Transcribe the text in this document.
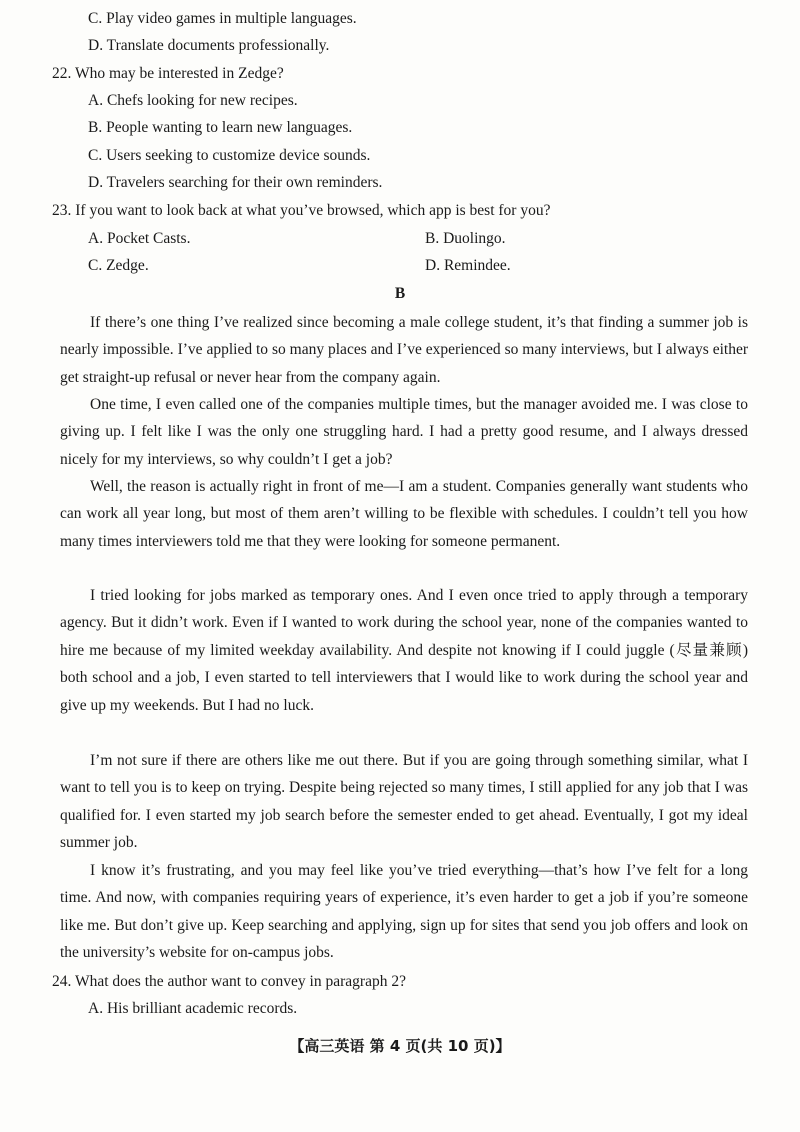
C. Play video games in multiple languages.
D. Translate documents professionally.
22. Who may be interested in Zedge?
A. Chefs looking for new recipes.
B. People wanting to learn new languages.
C. Users seeking to customize device sounds.
D. Travelers searching for their own reminders.
23. If you want to look back at what you’ve browsed, which app is best for you?
A. Pocket Casts.	B. Duolingo.
C. Zedge.	D. Remindee.
B

If there’s one thing I’ve realized since becoming a male college student, it’s that finding a summer job is nearly impossible. I’ve applied to so many places and I’ve experienced so many interviews, but I always either get straight-up refusal or never hear from the company again.

One time, I even called one of the companies multiple times, but the manager avoided me. I was close to giving up. I felt like I was the only one struggling hard. I had a pretty good resume, and I always dressed nicely for my interviews, so why couldn’t I get a job?

Well, the reason is actually right in front of me—I am a student. Companies generally want students who can work all year long, but most of them aren’t willing to be flexible with schedules. I couldn’t tell you how many times interviewers told me that they were looking for someone permanent.

I tried looking for jobs marked as temporary ones. And I even once tried to apply through a temporary agency. But it didn’t work. Even if I wanted to work during the school year, none of the companies wanted to hire me because of my limited weekday availability. And despite not knowing if I could juggle (尽量兼顾) both school and a job, I even started to tell interviewers that I would like to work during the school year and give up my weekends. But I had no luck.

I’m not sure if there are others like me out there. But if you are going through something similar, what I want to tell you is to keep on trying. Despite being rejected so many times, I still applied for any job that I was qualified for. I even started my job search before the semester ended to get ahead. Eventually, I got my ideal summer job.

I know it’s frustrating, and you may feel like you’ve tried everything—that’s how I’ve felt for a long time. And now, with companies requiring years of experience, it’s even harder to get a job if you’re someone like me. But don’t give up. Keep searching and applying, sign up for sites that send you job offers and look on the university’s website for on-campus jobs.

24. What does the author want to convey in paragraph 2?
A. His brilliant academic records.
【高三英语 第 4 页(共 10 页)】
